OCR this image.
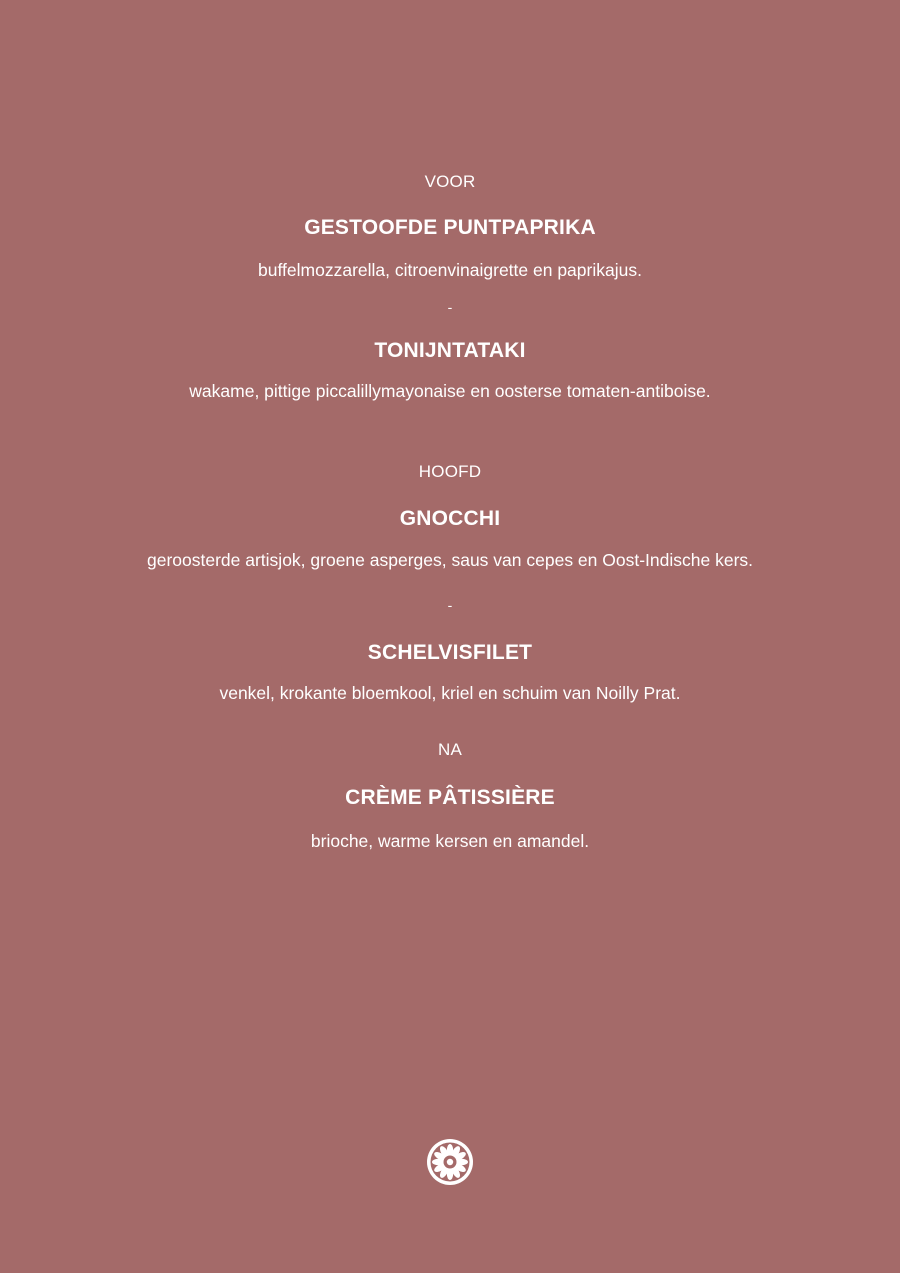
VOOR
GESTOOFDE PUNTPAPRIKA
buffelmozzarella, citroenvinaigrette en paprikajus.
-
TONIJNTATAKI
wakame, pittige piccalillymayonaise en oosterse tomaten-antiboise.
HOOFD
GNOCCHI
geroosterde artisjok, groene asperges, saus van cepes en Oost-Indische kers.
-
SCHELVISFILET
venkel, krokante bloemkool, kriel en schuim van Noilly Prat.
NA
CRÈME PÂTISSIÈRE
brioche, warme kersen en amandel.
